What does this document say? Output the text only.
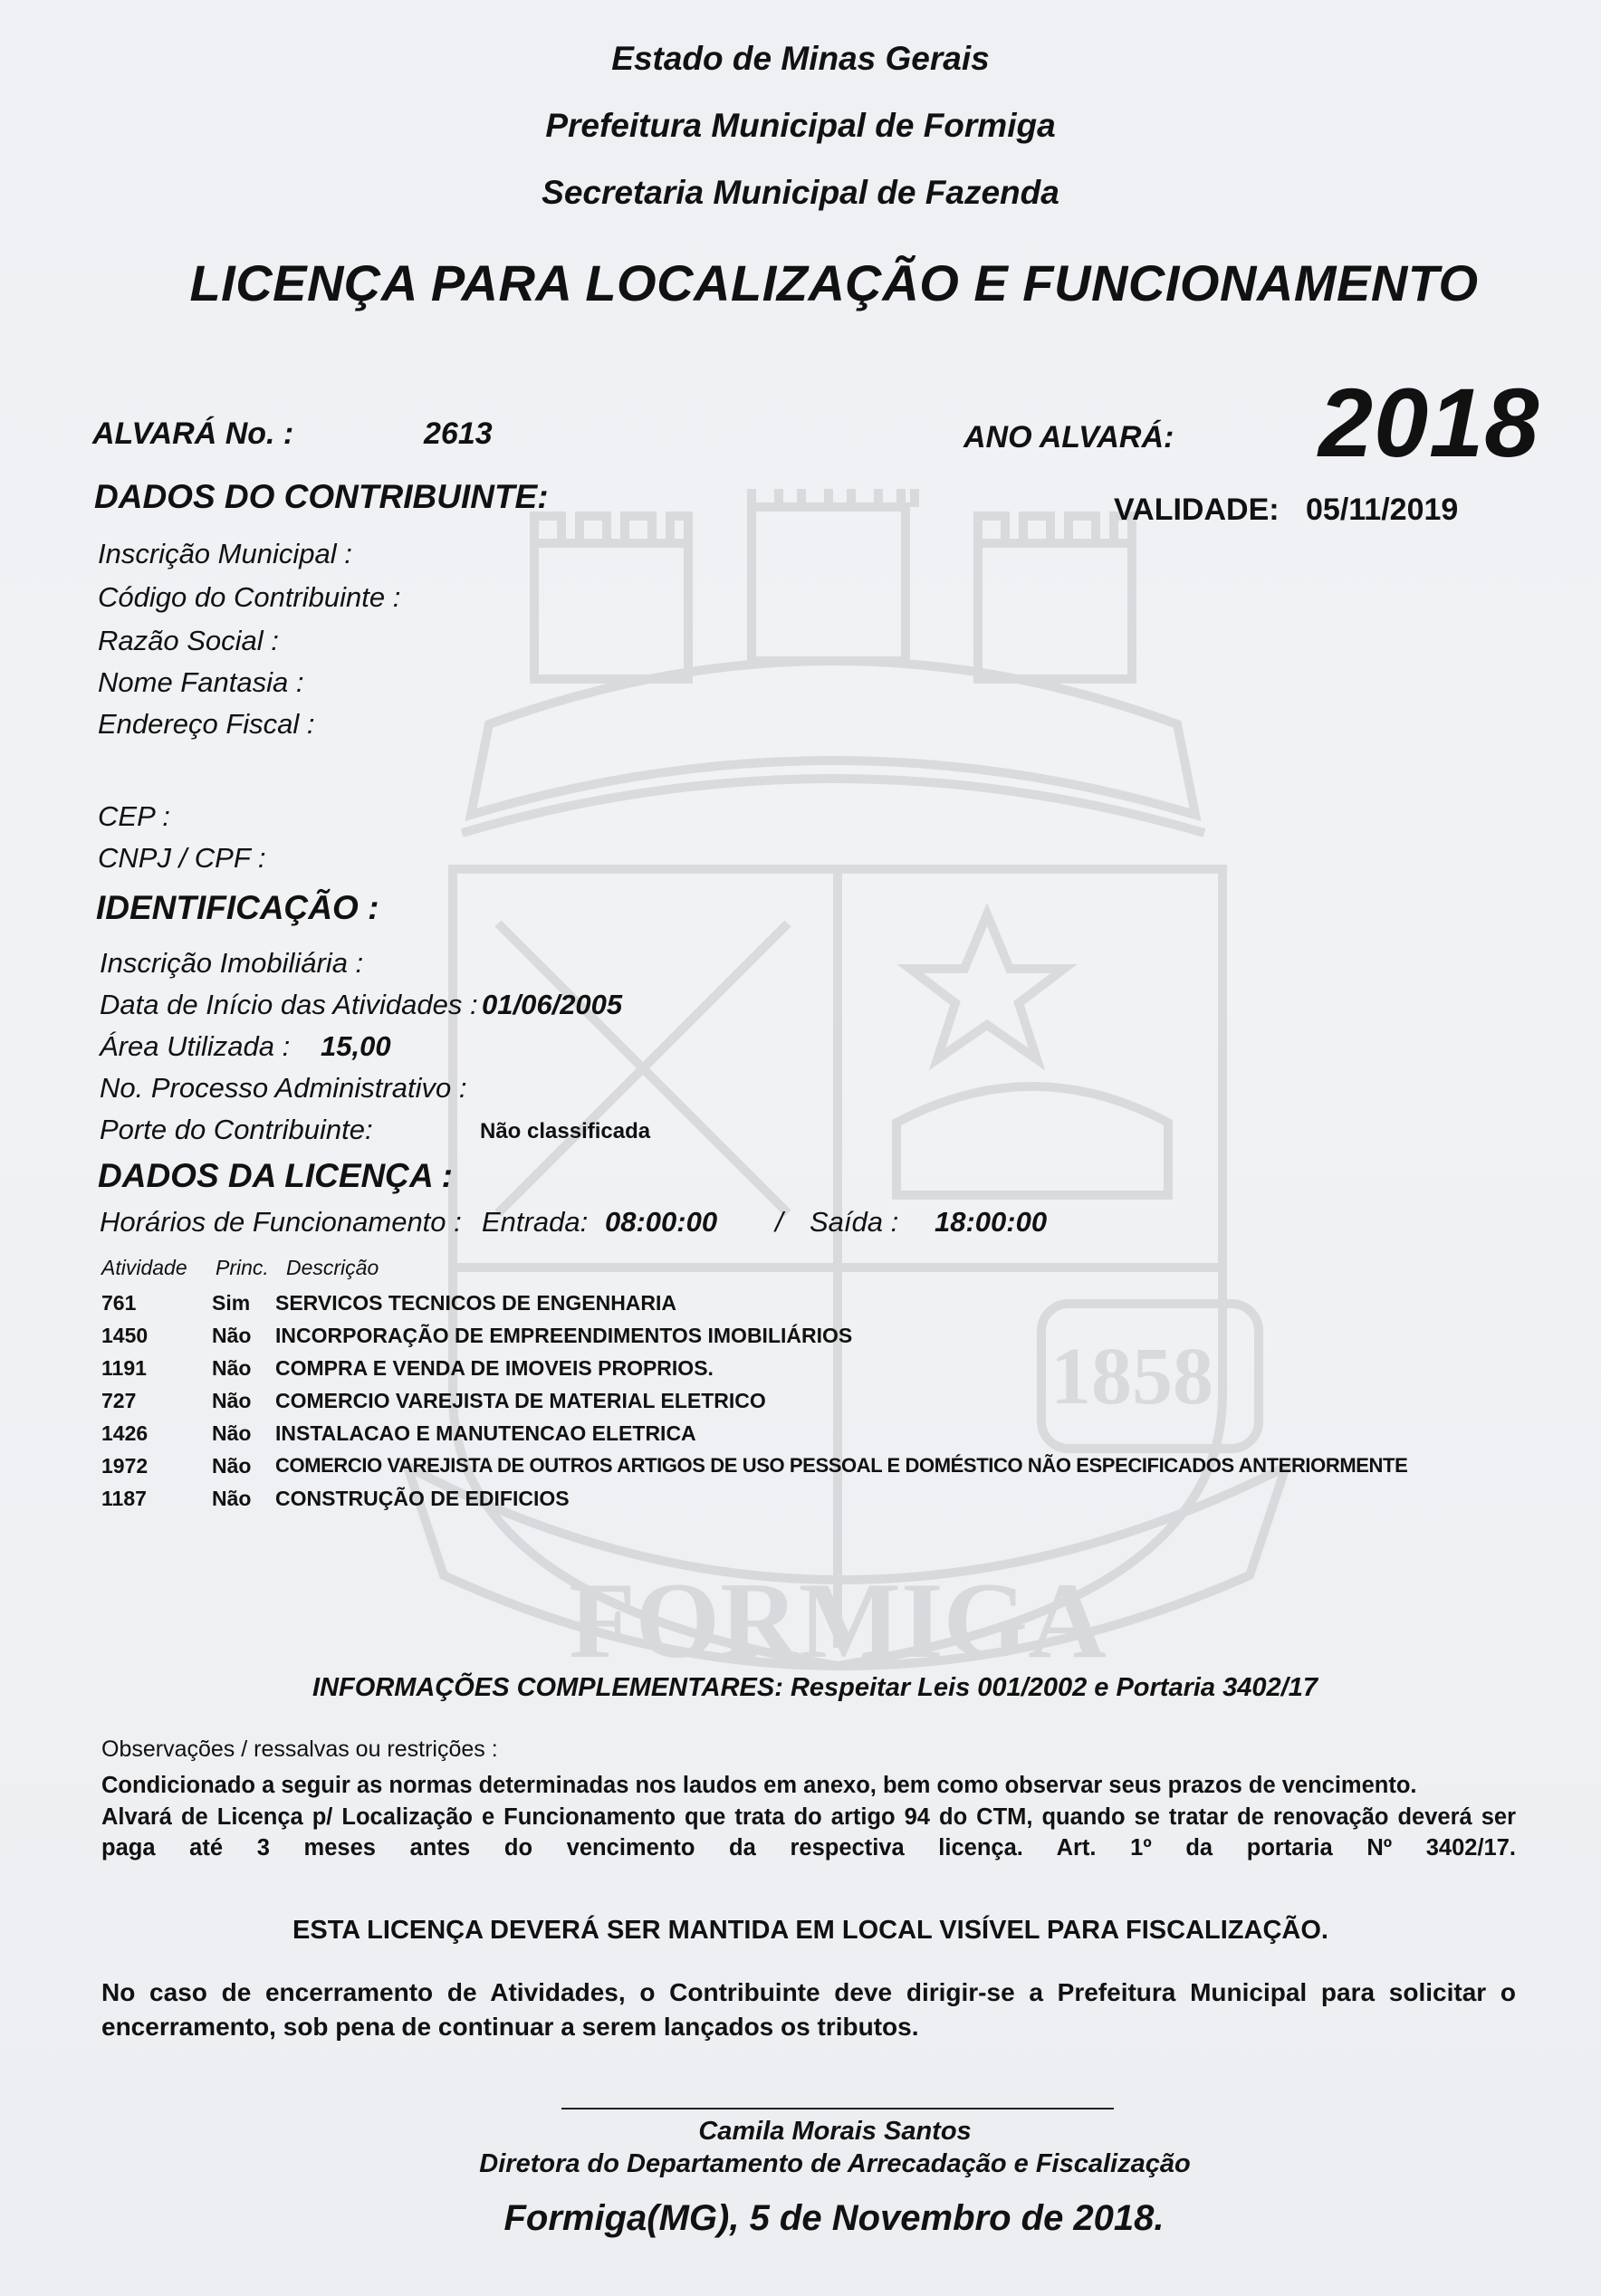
1858
FORMIGA
Estado de Minas Gerais
Prefeitura Municipal de Formiga
Secretaria Municipal de Fazenda
LICENÇA PARA LOCALIZAÇÃO E FUNCIONAMENTO
ALVARÁ No. :	2613	ANO ALVARÁ: 2018
DADOS DO CONTRIBUINTE:	VALIDADE: 05/11/2019
Inscrição Municipal :
Código do Contribuinte :
Razão Social :
Nome Fantasia :
Endereço Fiscal :
CEP :
CNPJ / CPF :
IDENTIFICAÇÃO :
Inscrição Imobiliária :
Data de Início das Atividades : 01/06/2005
Área Utilizada : 15,00
No. Processo Administrativo :
Porte do Contribuinte:	Não classificada
DADOS DA LICENÇA :
Horários de Funcionamento : Entrada: 08:00:00 / Saída : 18:00:00
Atividade Princ. Descrição
761	Sim SERVICOS TECNICOS DE ENGENHARIA
1450	Não INCORPORAÇÃO DE EMPREENDIMENTOS IMOBILIÁRIOS
1191	Não COMPRA E VENDA DE IMOVEIS PROPRIOS.
727	Não COMERCIO VAREJISTA DE MATERIAL ELETRICO
1426	Não INSTALACAO E MANUTENCAO ELETRICA
1972	Não COMERCIO VAREJISTA DE OUTROS ARTIGOS DE USO PESSOAL E DOMÉSTICO NÃO ESPECIFICADOS ANTERIORMENTE
1187	Não CONSTRUÇÃO DE EDIFICIOS
INFORMAÇÕES COMPLEMENTARES: Respeitar Leis 001/2002 e Portaria 3402/17
Observações / ressalvas ou restrições :
Condicionado a seguir as normas determinadas nos laudos em anexo, bem como observar seus prazos de vencimento.
Alvará de Licença p/ Localização e Funcionamento que trata do artigo 94 do CTM, quando se tratar de renovação deverá ser paga até 3 meses antes do vencimento da respectiva licença. Art. 1º da portaria Nº 3402/17.
ESTA LICENÇA DEVERÁ SER MANTIDA EM LOCAL VISÍVEL PARA FISCALIZAÇÃO.
No caso de encerramento de Atividades, o Contribuinte deve dirigir-se a Prefeitura Municipal para solicitar o encerramento, sob pena de continuar a serem lançados os tributos.
Camila Morais Santos
Diretora do Departamento de Arrecadação e Fiscalização
Formiga(MG), 5 de Novembro de 2018.
